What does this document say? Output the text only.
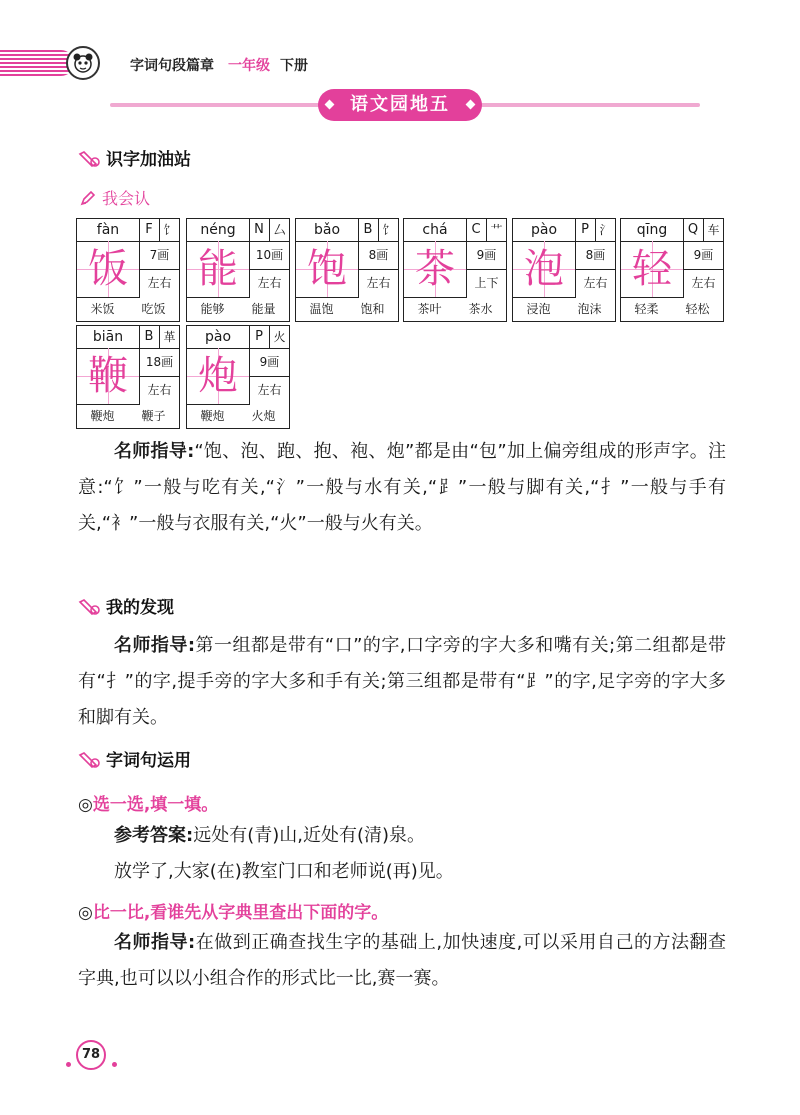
字词句段篇章 一年级 下册
语文园地五
识字加油站
我会认
fàn	F 饣
饭	7画
左右
米饭 吃饭
néng	N 厶
能	10画
左右
能够 能量
bǎo	B 饣
饱	8画
左右
温饱 饱和
chá	C 艹
茶	9画
上下
茶叶 茶水
pào	P 氵
泡	8画
左右
浸泡 泡沫
qīng	Q 车
轻	9画
左右
轻柔 轻松
biān	B 革
鞭	18画
左右
鞭炮 鞭子
pào	P 火
炮	9画
左右
鞭炮 火炮
名师指导:“饱、泡、跑、抱、袍、炮”都是由“包”加上偏旁组成的形声字。注意:“饣”一般与吃有关,“氵”一般与水有关,“⻊”一般与脚有关,“扌”一般与手有关,“衤”一般与衣服有关,“火”一般与火有关。
我的发现
名师指导:第一组都是带有“口”的字,口字旁的字大多和嘴有关;第二组都是带有“扌”的字,提手旁的字大多和手有关;第三组都是带有“⻊”的字,足字旁的字大多和脚有关。
字词句运用
◎选一选,填一填。
参考答案:远处有(青)山,近处有(清)泉。
放学了,大家(在)教室门口和老师说(再)见。
◎比一比,看谁先从字典里查出下面的字。
名师指导:在做到正确查找生字的基础上,加快速度,可以采用自己的方法翻查字典,也可以以小组合作的形式比一比,赛一赛。
78
